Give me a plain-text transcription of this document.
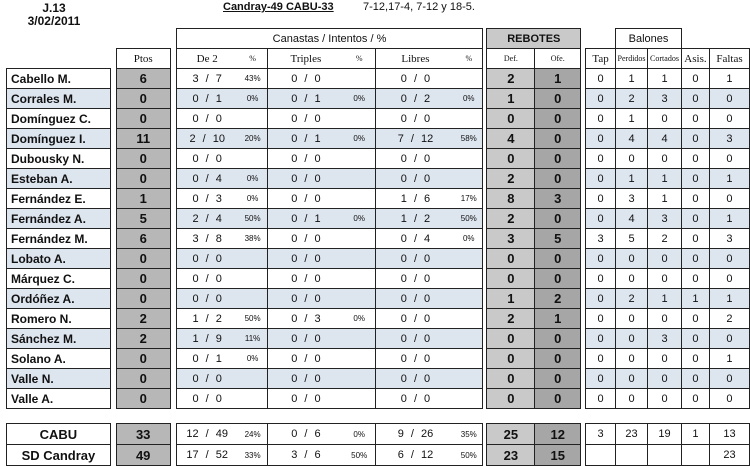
J.13
3/02/2011
Candray-49 CABU-33	7-12,17-4, 7-12 y 18-5.
				Canastas / Intentos / %							REBOTES				Balones			
		Ptos		De 2	%	Triples	%	Libres	%		Def.	Ofe.		Tap	Perdidos	Cortados	Asis.	Faltas
Cabello M.		6		3 / 7	43%	0 / 0		0 / 0			2	1		0	1	1	0	1
Corrales M.		0		0 / 1	0%	0 / 1	0%	0 / 2	0%		1	0		0	2	3	0	0
Domínguez C.		0		0 / 0		0 / 0		0 / 0			0	0		0	1	0	0	0
Domínguez I.		11		2 / 10	20%	0 / 1	0%	7 / 12	58%		4	0		0	4	4	0	3
Dubousky N.		0		0 / 0		0 / 0		0 / 0			0	0		0	0	0	0	0
Esteban A.		0		0 / 4	0%	0 / 0		0 / 0			2	0		0	1	1	0	1
Fernández E.		1		0 / 3	0%	0 / 0		1 / 6	17%		8	3		0	3	1	0	0
Fernández A.		5		2 / 4	50%	0 / 1	0%	1 / 2	50%		2	0		0	4	3	0	1
Fernández M.		6		3 / 8	38%	0 / 0		0 / 4	0%		3	5		3	5	2	0	3
Lobato A.		0		0 / 0		0 / 0		0 / 0			0	0		0	0	0	0	0
Márquez C.		0		0 / 0		0 / 0		0 / 0			0	0		0	0	0	0	0
Ordóñez A.		0		0 / 0		0 / 0		0 / 0			1	2		0	2	1	1	1
Romero N.		2		1 / 2	50%	0 / 3	0%	0 / 0			2	1		0	0	0	0	2
Sánchez M.		2		1 / 9	11%	0 / 0		0 / 0			0	0		0	0	3	0	0
Solano A.		0		0 / 1	0%	0 / 0		0 / 0			0	0		0	0	0	0	1
Valle N.		0		0 / 0		0 / 0		0 / 0			0	0		0	0	0	0	0
Valle A.		0		0 / 0		0 / 0		0 / 0			0	0		0	0	0	0	0

CABU		33		12 / 49	24%	0 / 6	0%	9 / 26	35%		25	12		3	23	19	1	13
SD Candray		49		17 / 52	33%	3 / 6	50%	6 / 12	50%		23	15						23
